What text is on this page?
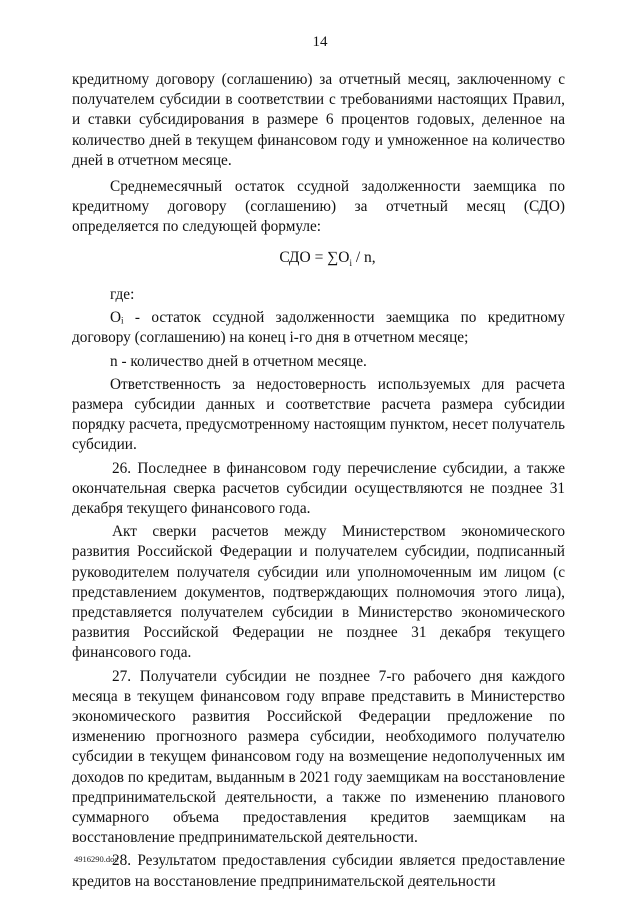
14

кредитному договору (соглашению) за отчетный месяц, заключенному с получателем субсидии в соответствии с требованиями настоящих Правил, и ставки субсидирования в размере 6 процентов годовых, деленное на количество дней в текущем финансовом году и умноженное на количество дней в отчетном месяце.

Среднемесячный остаток ссудной задолженности заемщика по кредитному договору (соглашению) за отчетный месяц (СДО) определяется по следующей формуле:

СДО = $\sum O_i$ / n,

где:

Oᵢ - остаток ссудной задолженности заемщика по кредитному договору (соглашению) на конец i-го дня в отчетном месяце;

n - количество дней в отчетном месяце.

Ответственность за недостоверность используемых для расчета размера субсидии данных и соответствие расчета размера субсидии порядку расчета, предусмотренному настоящим пунктом, несет получатель субсидии.

26. Последнее в финансовом году перечисление субсидии, а также окончательная сверка расчетов субсидии осуществляются не позднее 31 декабря текущего финансового года.

Акт сверки расчетов между Министерством экономического развития Российской Федерации и получателем субсидии, подписанный руководителем получателя субсидии или уполномоченным им лицом (с представлением документов, подтверждающих полномочия этого лица), представляется получателем субсидии в Министерство экономического развития Российской Федерации не позднее 31 декабря текущего финансового года.

27. Получатели субсидии не позднее 7-го рабочего дня каждого месяца в текущем финансовом году вправе представить в Министерство экономического развития Российской Федерации предложение по изменению прогнозного размера субсидии, необходимого получателю субсидии в текущем финансовом году на возмещение недополученных им доходов по кредитам, выданным в 2021 году заемщикам на восстановление предпринимательской деятельности, а также по изменению планового суммарного объема предоставления кредитов заемщикам на восстановление предпринимательской деятельности.

28. Результатом предоставления субсидии является предоставление кредитов на восстановление предпринимательской деятельности

4916290.doc
